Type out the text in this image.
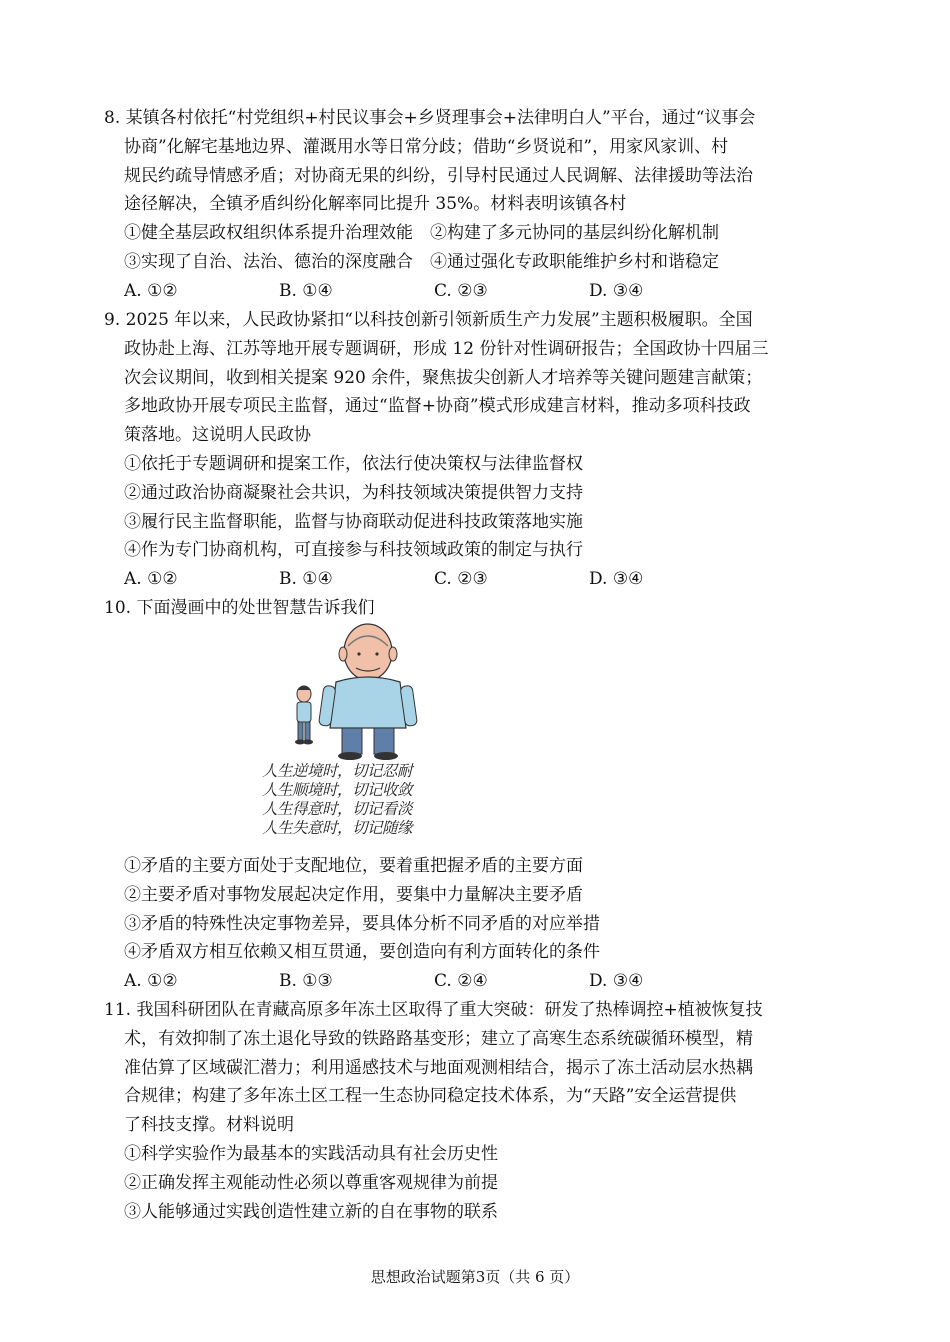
8. 某镇各村依托“村党组织+村民议事会+乡贤理事会+法律明白人”平台，通过“议事会
协商”化解宅基地边界、灌溉用水等日常分歧；借助“乡贤说和”，用家风家训、村
规民约疏导情感矛盾；对协商无果的纠纷，引导村民通过人民调解、法律援助等法治
途径解决，全镇矛盾纠纷化解率同比提升 35%。材料表明该镇各村
①健全基层政权组织体系提升治理效能　②构建了多元协同的基层纠纷化解机制
③实现了自治、法治、德治的深度融合　④通过强化专政职能维护乡村和谐稳定
A. ①②	B. ①④	C. ②③	D. ③④
9. 2025 年以来，人民政协紧扣“以科技创新引领新质生产力发展”主题积极履职。全国
政协赴上海、江苏等地开展专题调研，形成 12 份针对性调研报告；全国政协十四届三
次会议期间，收到相关提案 920 余件，聚焦拔尖创新人才培养等关键问题建言献策；
多地政协开展专项民主监督，通过“监督+协商”模式形成建言材料，推动多项科技政
策落地。这说明人民政协
①依托于专题调研和提案工作，依法行使决策权与法律监督权
②通过政治协商凝聚社会共识，为科技领域决策提供智力支持
③履行民主监督职能，监督与协商联动促进科技政策落地实施
④作为专门协商机构，可直接参与科技领域政策的制定与执行
A. ①②	B. ①④	C. ②③	D. ③④
10. 下面漫画中的处世智慧告诉我们
人生逆境时，切记忍耐
人生顺境时，切记收敛
人生得意时，切记看淡
人生失意时，切记随缘
①矛盾的主要方面处于支配地位，要着重把握矛盾的主要方面
②主要矛盾对事物发展起决定作用，要集中力量解决主要矛盾
③矛盾的特殊性决定事物差异，要具体分析不同矛盾的对应举措
④矛盾双方相互依赖又相互贯通，要创造向有利方面转化的条件
A. ①②	B. ①③	C. ②④	D. ③④
11. 我国科研团队在青藏高原多年冻土区取得了重大突破：研发了热棒调控+植被恢复技
术，有效抑制了冻土退化导致的铁路路基变形；建立了高寒生态系统碳循环模型，精
准估算了区域碳汇潜力；利用遥感技术与地面观测相结合，揭示了冻土活动层水热耦
合规律；构建了多年冻土区工程一生态协同稳定技术体系，为“天路”安全运营提供
了科技支撑。材料说明
①科学实验作为最基本的实践活动具有社会历史性
②正确发挥主观能动性必须以尊重客观规律为前提
③人能够通过实践创造性建立新的自在事物的联系
思想政治试题第3页（共 6 页）
